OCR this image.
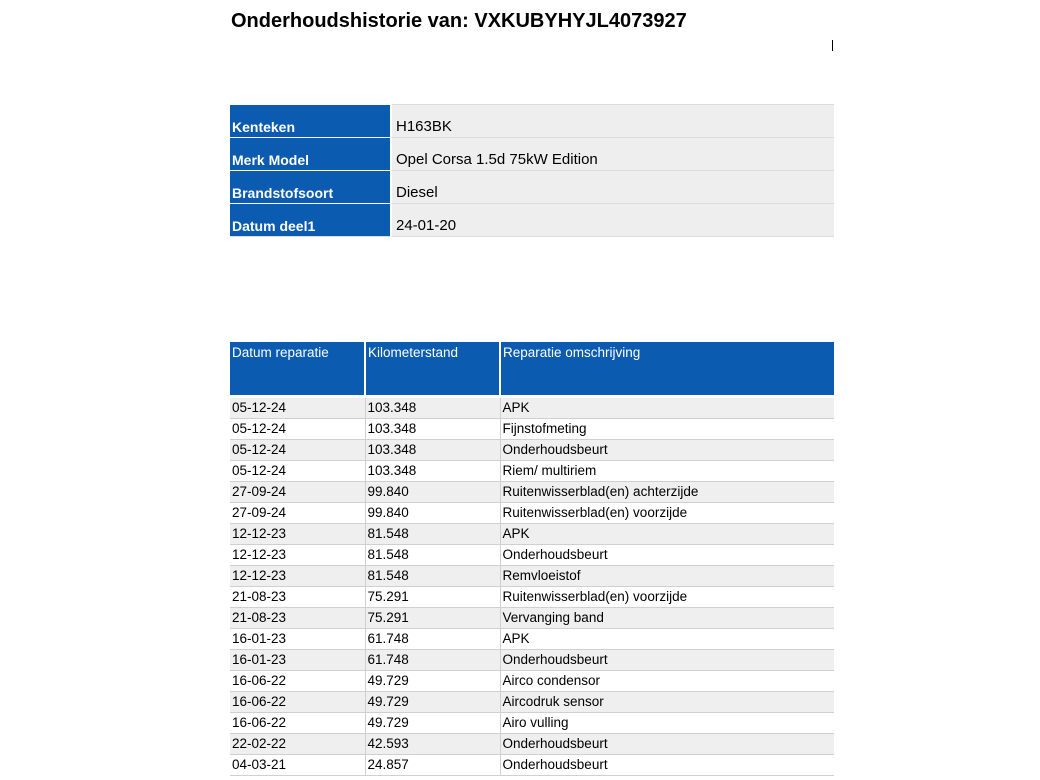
Onderhoudshistorie van: VXKUBYHYJL4073927
Kenteken	H163BK
Merk Model	Opel Corsa 1.5d 75kW Edition
Brandstofsoort	Diesel
Datum deel1	24-01-20
Datum reparatie	Kilometerstand	Reparatie omschrijving

05-12-24	103.348	APK
05-12-24	103.348	Fijnstofmeting
05-12-24	103.348	Onderhoudsbeurt
05-12-24	103.348	Riem/ multiriem
27-09-24	99.840	Ruitenwisserblad(en) achterzijde
27-09-24	99.840	Ruitenwisserblad(en) voorzijde
12-12-23	81.548	APK
12-12-23	81.548	Onderhoudsbeurt
12-12-23	81.548	Remvloeistof
21-08-23	75.291	Ruitenwisserblad(en) voorzijde
21-08-23	75.291	Vervanging band
16-01-23	61.748	APK
16-01-23	61.748	Onderhoudsbeurt
16-06-22	49.729	Airco condensor
16-06-22	49.729	Aircodruk sensor
16-06-22	49.729	Airo vulling
22-02-22	42.593	Onderhoudsbeurt
04-03-21	24.857	Onderhoudsbeurt
